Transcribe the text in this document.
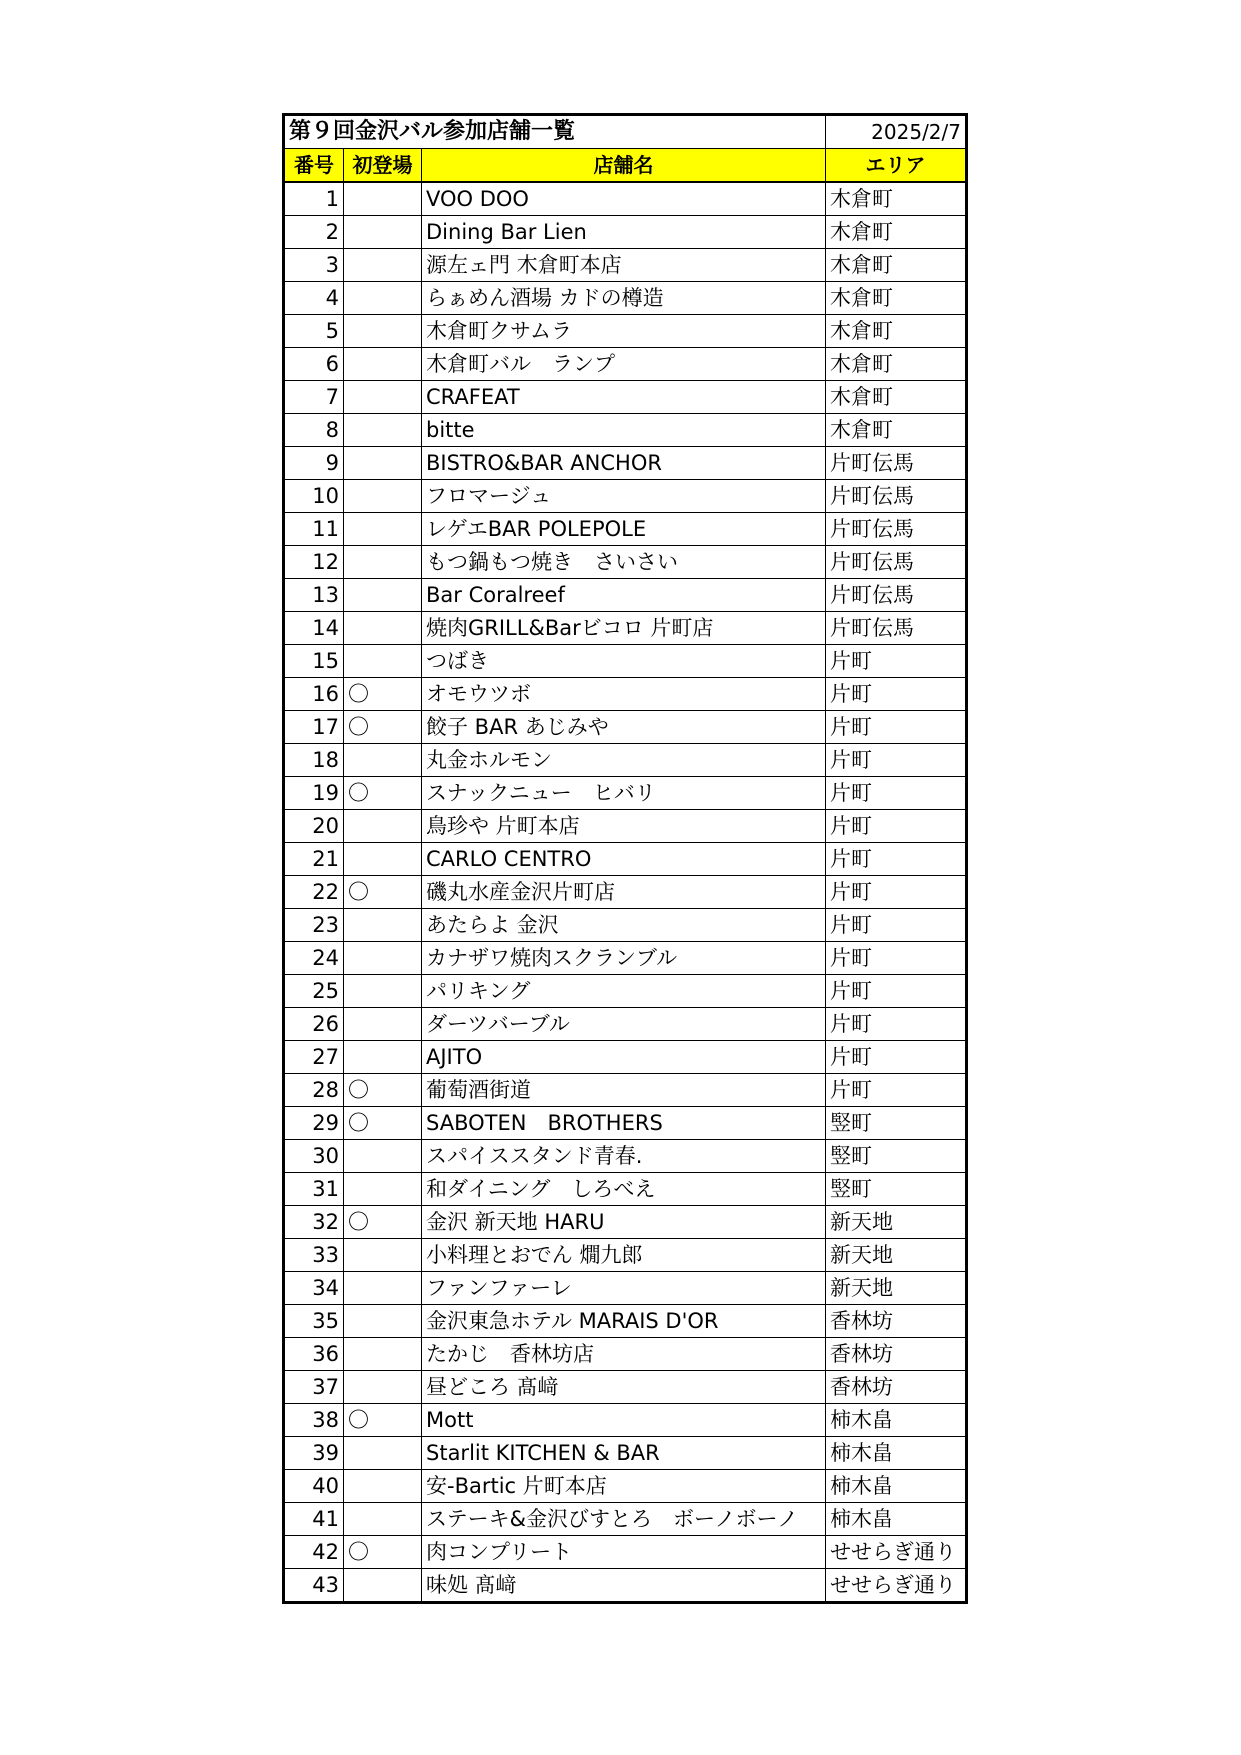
第９回金沢バル参加店舗一覧			2025/2/7
番号	初登場	店舗名	エリア
1		VOO DOO	木倉町
2		Dining Bar Lien	木倉町
3		源左ェ門 木倉町本店	木倉町
4		らぁめん酒場 カドの樽造	木倉町
5		木倉町クサムラ	木倉町
6		木倉町バル　ランプ	木倉町
7		CRAFEAT	木倉町
8		bitte	木倉町
9		BISTRO&BAR ANCHOR	片町伝馬
10		フロマージュ	片町伝馬
11		レゲエBAR POLEPOLE	片町伝馬
12		もつ鍋もつ焼き　さいさい	片町伝馬
13		Bar Coralreef	片町伝馬
14		焼肉GRILL&Barビコロ 片町店	片町伝馬
15		つばき	片町
16	〇	オモウツボ	片町
17	〇	餃子 BAR あじみや	片町
18		丸金ホルモン	片町
19	〇	スナックニュー　ヒバリ	片町
20		鳥珍や 片町本店	片町
21		CARLO CENTRO	片町
22	〇	磯丸水産金沢片町店	片町
23		あたらよ 金沢	片町
24		カナザワ焼肉スクランブル	片町
25		パリキング	片町
26		ダーツバーブル	片町
27		AJITO	片町
28	〇	葡萄酒街道	片町
29	〇	SABOTEN　BROTHERS	竪町
30		スパイススタンド青春.	竪町
31		和ダイニング　しろべえ	竪町
32	〇	金沢 新天地 HARU	新天地
33		小料理とおでん 燗九郎	新天地
34		ファンファーレ	新天地
35		金沢東急ホテル MARAIS D'OR	香林坊
36		たかじ　香林坊店	香林坊
37		昼どころ 髙﨑	香林坊
38	〇	Mott	柿木畠
39		Starlit KITCHEN & BAR	柿木畠
40		安-Bartic 片町本店	柿木畠
41		ステーキ&金沢びすとろ　ボーノボーノ	柿木畠
42	〇	肉コンプリート	せせらぎ通り
43		味処 髙﨑	せせらぎ通り
